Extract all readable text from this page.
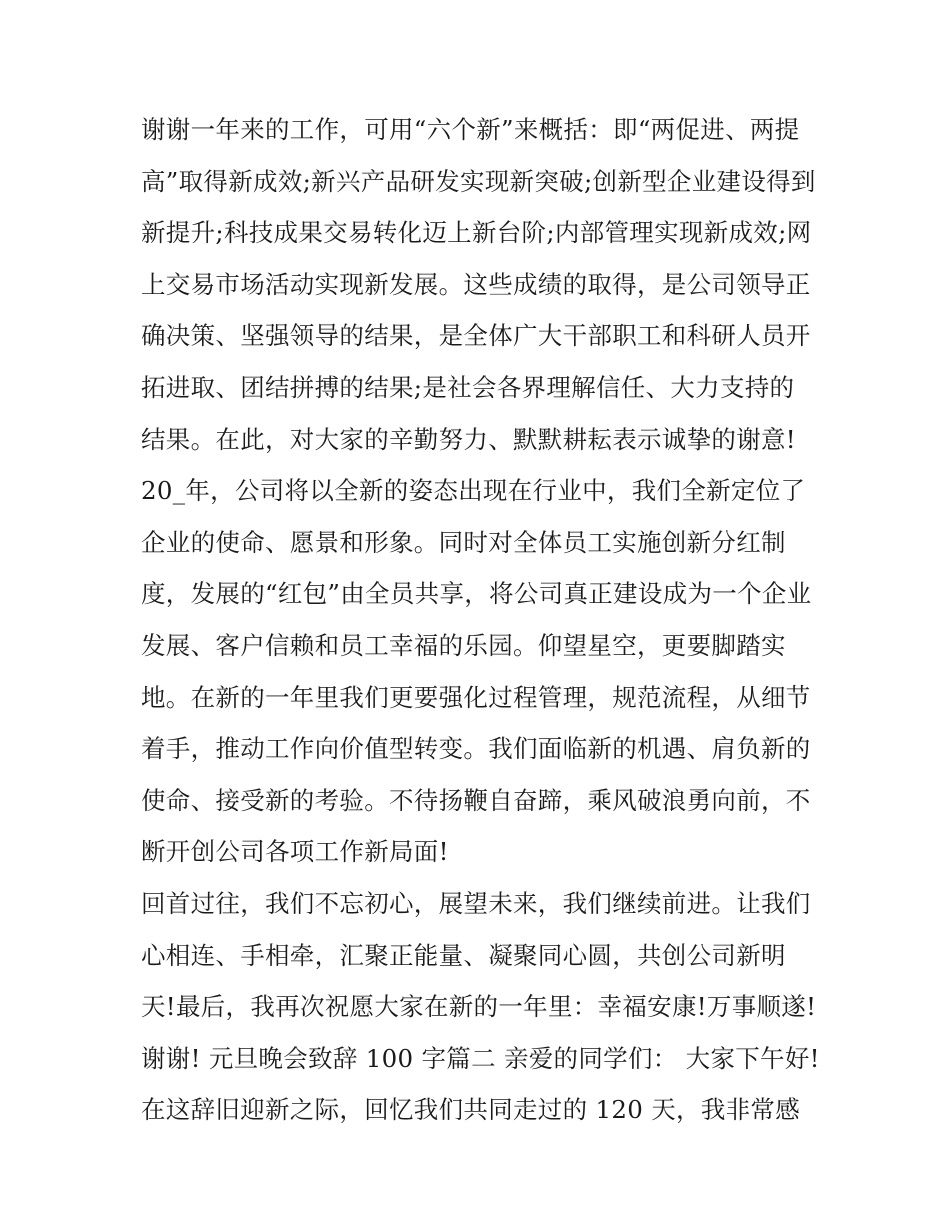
谢谢一年来的工作，可用“六个新”来概括：即“两促进、两提
高”取得新成效;新兴产品研发实现新突破;创新型企业建设得到
新提升;科技成果交易转化迈上新台阶;内部管理实现新成效;网
上交易市场活动实现新发展。这些成绩的取得，是公司领导正
确决策、坚强领导的结果，是全体广大干部职工和科研人员开
拓进取、团结拼搏的结果;是社会各界理解信任、大力支持的
结果。在此，对大家的辛勤努力、默默耕耘表示诚挚的谢意!
20_年，公司将以全新的姿态出现在行业中，我们全新定位了
企业的使命、愿景和形象。同时对全体员工实施创新分红制
度，发展的“红包”由全员共享，将公司真正建设成为一个企业
发展、客户信赖和员工幸福的乐园。仰望星空，更要脚踏实
地。在新的一年里我们更要强化过程管理，规范流程，从细节
着手，推动工作向价值型转变。我们面临新的机遇、肩负新的
使命、接受新的考验。不待扬鞭自奋蹄，乘风破浪勇向前，不
断开创公司各项工作新局面!
回首过往，我们不忘初心，展望未来，我们继续前进。让我们
心相连、手相牵，汇聚正能量、凝聚同心圆，共创公司新明
天!最后，我再次祝愿大家在新的一年里：幸福安康!万事顺遂!
谢谢! 元旦晚会致辞 100 字篇二 亲爱的同学们： 大家下午好!
在这辞旧迎新之际，回忆我们共同走过的 120 天，我非常感
